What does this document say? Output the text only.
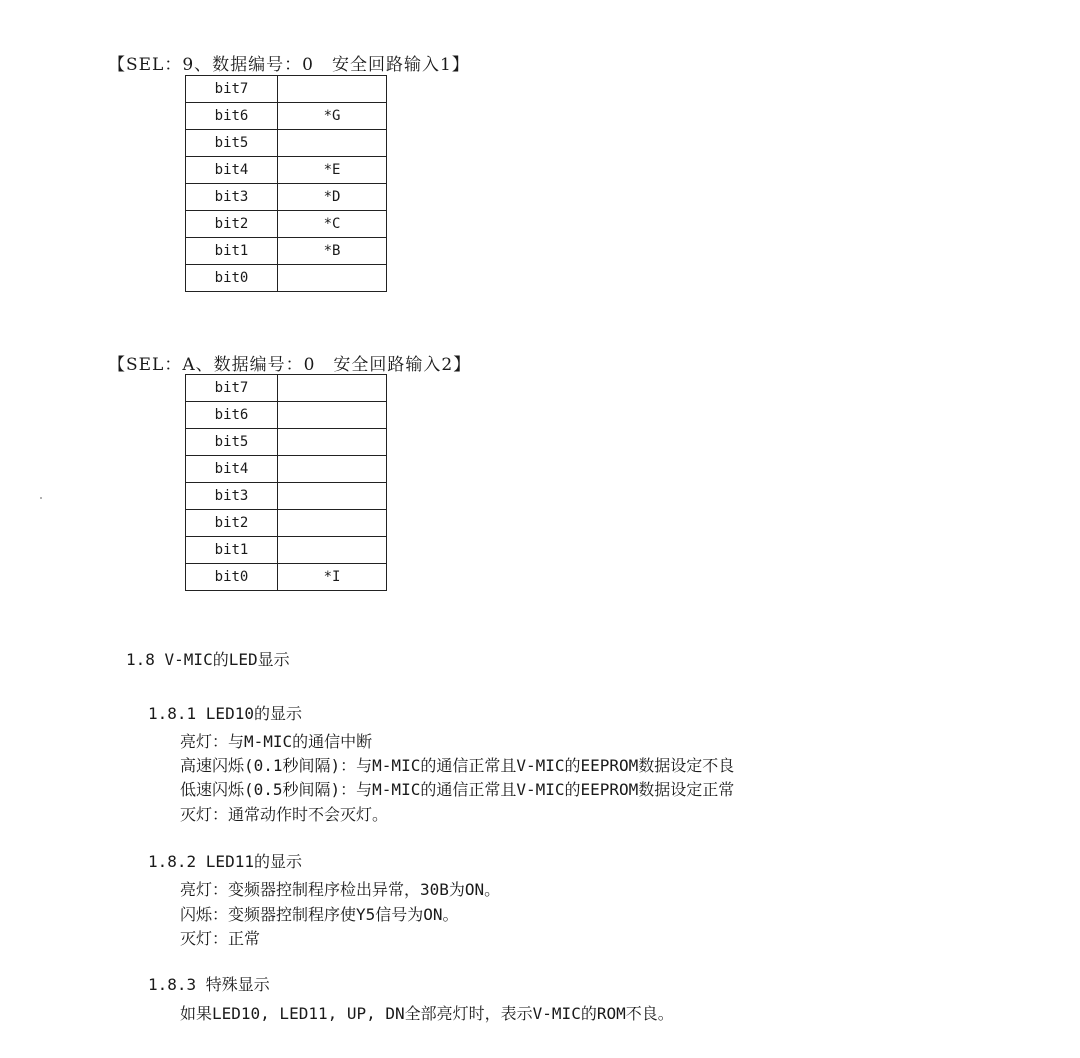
【SEL：9、数据编号：0　安全回路输入1】
bit7	
bit6	*G
bit5	
bit4	*E
bit3	*D
bit2	*C
bit1	*B
bit0	
【SEL：A、数据编号：0　安全回路输入2】
bit7	
bit6	
bit5	
bit4	
bit3	
bit2	
bit1	
bit0	*I
1.8 V-MIC的LED显示
1.8.1 LED10的显示
亮灯：与M-MIC的通信中断
高速闪烁(0.1秒间隔)：与M-MIC的通信正常且V-MIC的EEPROM数据设定不良
低速闪烁(0.5秒间隔)：与M-MIC的通信正常且V-MIC的EEPROM数据设定正常
灭灯：通常动作时不会灭灯。
1.8.2 LED11的显示
亮灯：变频器控制程序检出异常，30B为ON。
闪烁：变频器控制程序使Y5信号为ON。
灭灯：正常
1.8.3 特殊显示
如果LED10, LED11, UP, DN全部亮灯时，表示V-MIC的ROM不良。
